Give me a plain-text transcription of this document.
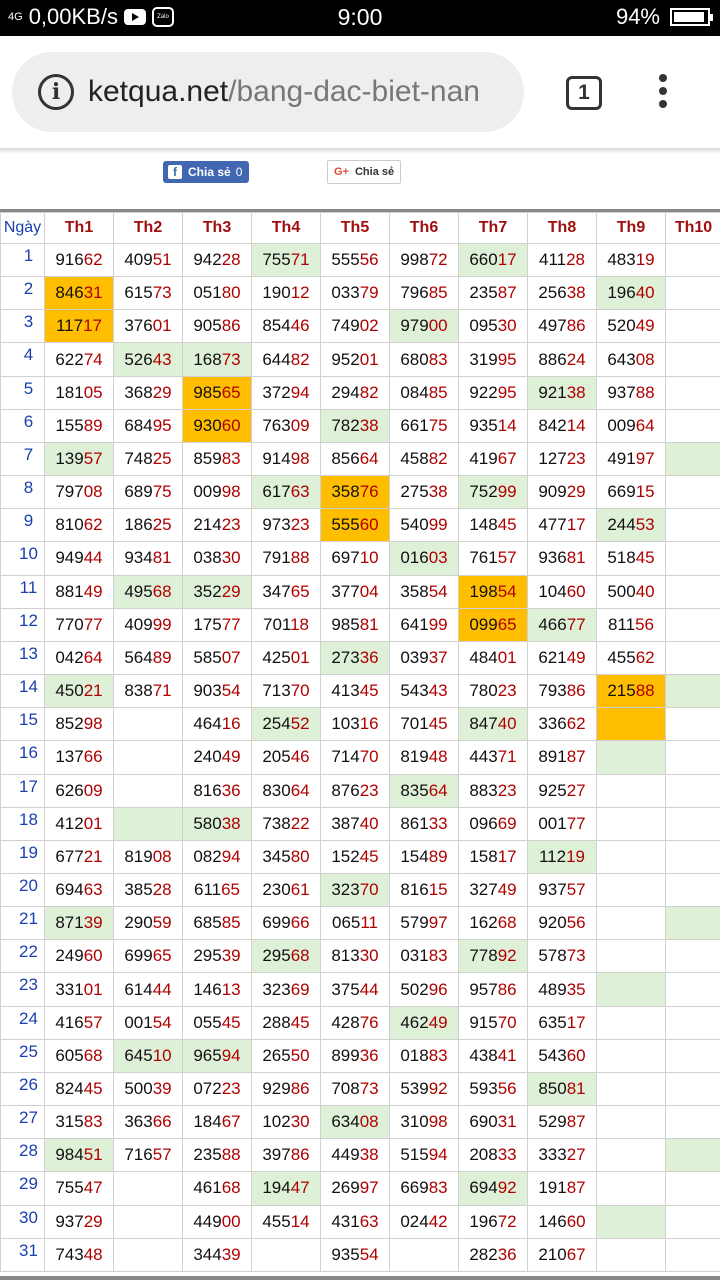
4G 0,00KB/s	Zalo	9:00	94%
i ketqua.net/bang-dac-biet-nan	1
f Chia sẻ 0	G+ Chia sẻ
Ngày	Th1	Th2	Th3	Th4	Th5	Th6	Th7	Th8	Th9	Th10	
1	91662	40951	94228	75571	55556	99872	66017	41128	48319		
2	84631	61573	05180	19012	03379	79685	23587	25638	19640		
3	11717	37601	90586	85446	74902	97900	09530	49786	52049		
4	62274	52643	16873	64482	95201	68083	31995	88624	64308		
5	18105	36829	98565	37294	29482	08485	92295	92138	93788		
6	15589	68495	93060	76309	78238	66175	93514	84214	00964		
7	13957	74825	85983	91498	85664	45882	41967	12723	49197		
8	79708	68975	00998	61763	35876	27538	75299	90929	66915		
9	81062	18625	21423	97323	55560	54099	14845	47717	24453		
10	94944	93481	03830	79188	69710	01603	76157	93681	51845		
11	88149	49568	35229	34765	37704	35854	19854	10460	50040		
12	77077	40999	17577	70118	98581	64199	09965	46677	81156		
13	04264	56489	58507	42501	27336	03937	48401	62149	45562		
14	45021	83871	90354	71370	41345	54343	78023	79386	21588		
15	85298		46416	25452	10316	70145	84740	33662			
16	13766		24049	20546	71470	81948	44371	89187			
17	62609		81636	83064	87623	83564	88323	92527			
18	41201		58038	73822	38740	86133	09669	00177			
19	67721	81908	08294	34580	15245	15489	15817	11219			
20	69463	38528	61165	23061	32370	81615	32749	93757			
21	87139	29059	68585	69966	06511	57997	16268	92056			
22	24960	69965	29539	29568	81330	03183	77892	57873			
23	33101	61444	14613	32369	37544	50296	95786	48935			
24	41657	00154	05545	28845	42876	46249	91570	63517			
25	60568	64510	96594	26550	89936	01883	43841	54360			
26	82445	50039	07223	92986	70873	53992	59356	85081			
27	31583	36366	18467	10230	63408	31098	69031	52987			
28	98451	71657	23588	39786	44938	51594	20833	33327			
29	75547		46168	19447	26997	66983	69492	19187			
30	93729		44900	45514	43163	02442	19672	14660			
31	74348		34439		93554		28236	21067			
